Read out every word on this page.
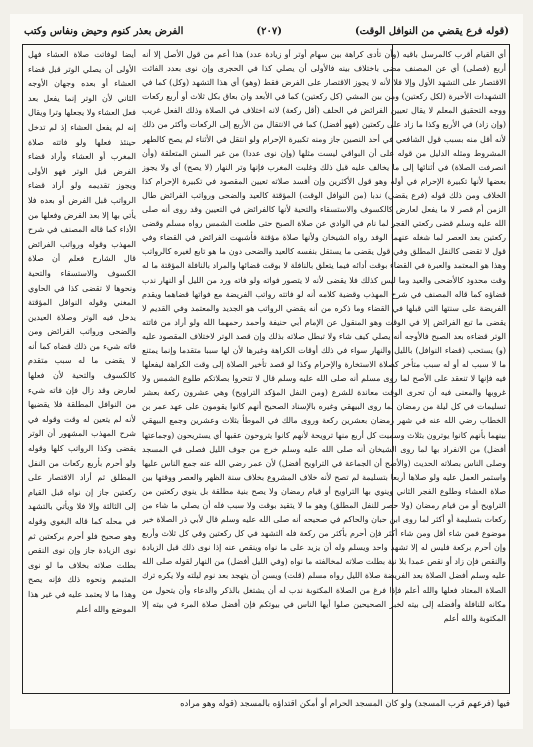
(قوله فرع يقضي من النوافل الوقت)
(٢٠٧)
الفرض بعذر كنوم وحيض ونفاس وكتب

أي القيام أقرب كالمرسل باقيه (وأن تأدى كراهة بين سهام أوتر أو زيادة عدد) هذا أعم من قول الأصل إلا أنه أربع (فصلى) أي عن المصنف مضى باختلاف بينه فالأولى أن يصلي كذا في الحجرى وإن نوى بعدد الفائت الاقتصار على التشهد الأول وإلا فلا لأنه لا يجوز الاقتصار على الفرض فقط (وهو) أي هذا التشهد (وكل) كما في التشهدات الأخيرة (لكل ركعتين) ومن بين المشي (كل ركعتين) كما في الأبعد وان بعاق بكل ثلاث أو أربع ركعات ووجه التحقيق المعلم لا يقال تعيين الفرائض في الحلف (أقل ركعة) لانه اختلاف في الصلاة وذلك الفعل غريب (وإن زاد) في الأربع وكذا ما زاد على ركعتين (فهو أفضل) كما في الانتقال من الأربع إلى الركعات وأكثر من ذلك لأنه أقل منه بسبب قول الشافعي في أحد النصين جاز ومنه تكبيرة الإحرام ولو انتقل في الأثناء لم يصح كالطهر المشروط ومثله الدليل من قوله على أن البواقي ليست مثلها (وإن نوى عددا) من غير السنن المتعلقة (وأن انصرفت الصلاة) في أثنائها إلى ما يخالف عليه قبل ذلك وغلبت المغرب فإنها وتر النهار (لا يصح) أي ولا يجوز بعضها لأنها تكبيرة الإحرام في أوله وهو قول الأكثرين وإن أفسد صلاته تعيين المقصود في تكبيرة الإحرام كذا الخلاف ومن ذلك قوله (فرع يقضي) ندبا (من النوافل الوقت) المؤقتة كالعيد والضحى ورواتب الفرائض طال الزمن أم قصر لا ما يفعل لعارض كالكسوف والاستسقاء والتحية لأنها كالفرائض في التعيين وقد روى أنه صلى الله عليه وسلم قضى ركعتي الفجر لما نام في الوادي عن صلاة الصبح حتى طلعت الشمس رواه مسلم وقضى ركعتين بعد العصر لما شغله عنهما الوفد رواه الشيخان ولأنها صلاة مؤقتة فأشبهت الفرائض في القضاء وفي قول لا تقضى كالنفل المطلق وفي قول يقضى ما يستقل بنفسه كالعيد والضحى دون ما هو تابع لغيره كالرواتب وهذا هو المعتمد والعبرة في القضاء بوقت أدائه فيما يتعلق بالنافلة لا بوقت قضائها والمراد بالنافلة المؤقتة ما له وقت محدود كالأضحى والعيد وما ليس كذلك فلا يقضى لأنه لا يتصور فواته ولو فاته ورد من الليل أو النهار ندب قضاؤه كما قاله المصنف في شرح المهذب وقضية كلامه أنه لو فاتته رواتب الفريضة مع فواتها قضاهما ويقدم الفريضة على سنتها التي قبلها في القضاء وما ذكره من أنه يقضي الرواتب هو الجديد والمعتمد وفي القديم لا يقضى ما تبع الفرائض إلا في الوقت وهو المنقول عن الإمام أبي حنيفة وأحمد رحمهما الله ولو أراد من فاتته الوتر قضاءه بعد الصبح فالأوجه أنه يصلي كيف شاء ولا تبطل صلاته بذلك وإن قصد الوتر لاختلاف المقصود عليه (و) يستحب (قضاء النوافل) بالليل والنهار سواء في ذلك أوقات الكراهة وغيرها لأن لها سببا متقدما وإنما يمتنع ما لا سبب له أو له سبب متأخر كصلاة الاستخارة والإحرام وكذا لو قصد تأخير الصلاة إلى وقت الكراهة ليفعلها فيه فإنها لا تنعقد على الأصح لما روى مسلم أنه صلى الله عليه وسلم قال لا تتحروا بصلاتكم طلوع الشمس ولا غروبها والمعنى فيه أن تحرى الوقت معاندة للشرع (ومن النفل المؤكد التراويح) وهي عشرون ركعة بعشر تسليمات في كل ليلة من رمضان لما روى البيهقي وغيره بالإسناد الصحيح أنهم كانوا يقومون على عهد عمر بن الخطاب رضي الله عنه في شهر رمضان بعشرين ركعة وروى مالك في الموطأ بثلاث وعشرين وجمع البيهقي بينهما بأنهم كانوا يوترون بثلاث وسميت كل أربع منها ترويحة لأنهم كانوا يتروحون عقبها أي يستريحون (وجماعتها أفضل) من الانفراد بها لما روى الشيخان أنه صلى الله عليه وسلم خرج من جوف الليل فصلى في المسجد وصلى الناس بصلاته الحديث (والأصح أن الجماعة في التراويح أفضل) لأن عمر رضي الله عنه جمع الناس عليها واستمر العمل عليه ولو صلاها أربعا بتسليمة لم تصح لأنه خلاف المشروع بخلاف سنة الظهر والعصر ووقتها بين صلاة العشاء وطلوع الفجر الثاني وينوي بها التراويح أو قيام رمضان ولا يصح بنية مطلقة بل ينوي ركعتين من التراويح أو من قيام رمضان (ولا حصر للنفل المطلق) وهو ما لا يتقيد بوقت ولا سبب فله أن يصلي ما شاء من ركعات بتسليمة أو أكثر لما روى ابن حبان والحاكم في صحيحه أنه صلى الله عليه وسلم قال لأبي ذر الصلاة خير موضوع فمن شاء أقل ومن شاء أكثر فإن أحرم بأكثر من ركعة فله التشهد في كل ركعتين وفي كل ثلاث وأربع وإن أحرم بركعة فليس له إلا تشهد واحد ويسلم وله أن يزيد على ما نواه وينقص عنه إذا نوى ذلك قبل الزيادة والنقص فإن زاد أو نقص عمدا بلا نية بطلت صلاته لمخالفته ما نواه (وفي الليل أفضل) من النهار لقوله صلى الله عليه وسلم أفضل الصلاة بعد الفريضة صلاة الليل رواه مسلم (قلت) ويسن أن يتهجد بعد نوم ليلته ولا يكره ترك الصلاة المعتاد فعلها والله أعلم فإذا فرغ من الصلاة المكتوبة ندب له أن يشتغل بالذكر والدعاء وأن يتحول من مكانه للنافلة وأفضله إلى بيته لخبر الصحيحين صلوا أيها الناس في بيوتكم فإن أفضل صلاة المرء في بيته إلا المكتوبة والله أعلم

أيضا لوفاتت صلاة العشاء فهل الأولى أن يصلي الوتر قبل قضاء العشاء أو بعده وجهان الأوجه الثاني لأن الوتر إنما يفعل بعد فعل العشاء ولا يجعلها وترا ويقال إنه لم يفعل العشاء إذ لم تدخل حينئذ فعلها ولو فاتته صلاة المغرب أو العشاء وأراد قضاء الفرض قبل الوتر فهو الأولى ويجوز تقديمه ولو أراد قضاء الرواتب قبل الفرض أو بعده فلا يأتي بها إلا بعد الفرض وفعلها من الأداء كما قاله المصنف في شرح المهذب وقوله ورواتب الفرائض قال الشارح فعلم أن صلاة الكسوف والاستسقاء والتحية ونحوها لا تقضى كذا في الحاوي المغني وقوله النوافل المؤقتة يدخل فيه الوتر وصلاة العيدين والضحى ورواتب الفرائض ومن فاته شيء من ذلك قضاه كما أنه لا يقضى ما له سبب متقدم كالكسوف والتحية لأن فعلها لعارض وقد زال فإن فاته شيء من النوافل المطلقة فلا يقضيها لأنه لم يتعين له وقت وقوله في شرح المهذب المشهور أن الوتر يقضى وكذا الرواتب كلها وقوله ولو أحرم بأربع ركعات من النفل المطلق ثم أراد الاقتصار على ركعتين جاز إن نواه قبل القيام إلى الثالثة وإلا فلا ويأتي بالتشهد في محله كما قاله البغوي وقوله وهو صحيح فلو أحرم بركعتين ثم نوى الزيادة جاز وإن نوى النقص بطلت صلاته بخلاف ما لو نوى المتيمم ونحوه ذلك فإنه يصح وهذا ما لا يعتمد عليه في غير هذا الموضع والله أعلم

فيها (فرعهم قرب المسجد) ولو كان المسجد الحرام أو أمكن اقتداؤه بالمسجد (قوله وهو مراده
